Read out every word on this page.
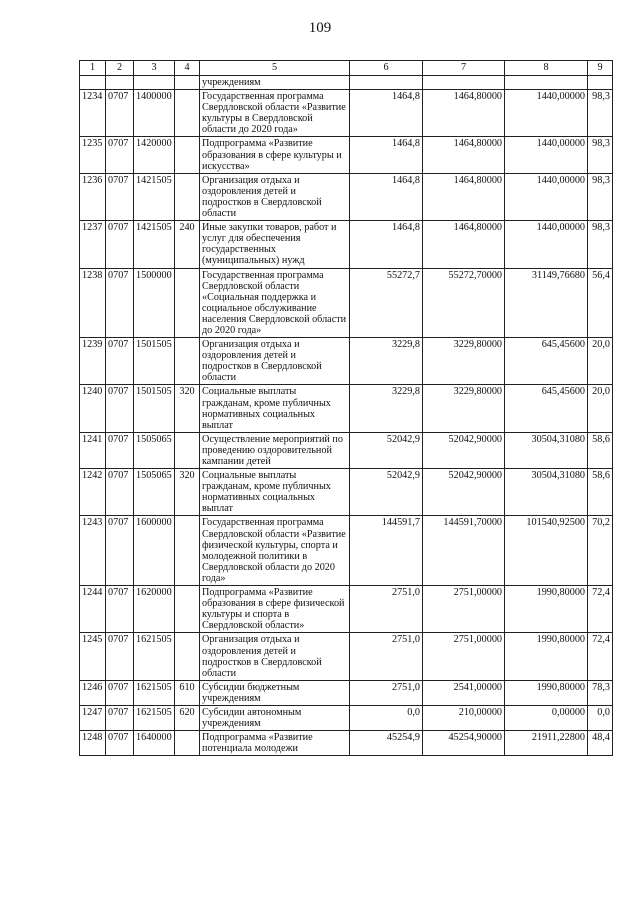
109
1	2	3	4	5	6	7	8	9
				учреждениям				
1234	0707	1400000		Государственная программа Свердловской области «Развитие культуры в Свердловской области до 2020 года»	1464,8	1464,80000	1440,00000	98,3
1235	0707	1420000		Подпрограмма «Развитие образования в сфере культуры и искусства»	1464,8	1464,80000	1440,00000	98,3
1236	0707	1421505		Организация отдыха и оздоровления детей и подростков в Свердловской области	1464,8	1464,80000	1440,00000	98,3
1237	0707	1421505	240	Иные закупки товаров, работ и услуг для обеспечения государственных (муниципальных) нужд	1464,8	1464,80000	1440,00000	98,3
1238	0707	1500000		Государственная программа Свердловской области «Социальная поддержка и социальное обслуживание населения Свердловской области до 2020 года»	55272,7	55272,70000	31149,76680	56,4
1239	0707	1501505		Организация отдыха и оздоровления детей и подростков в Свердловской области	3229,8	3229,80000	645,45600	20,0
1240	0707	1501505	320	Социальные выплаты гражданам, кроме публичных нормативных социальных выплат	3229,8	3229,80000	645,45600	20,0
1241	0707	1505065		Осуществление мероприятий по проведению оздоровительной кампании детей	52042,9	52042,90000	30504,31080	58,6
1242	0707	1505065	320	Социальные выплаты гражданам, кроме публичных нормативных социальных выплат	52042,9	52042,90000	30504,31080	58,6
1243	0707	1600000		Государственная программа Свердловской области «Развитие физической культуры, спорта и молодежной политики в Свердловской области до 2020 года»	144591,7	144591,70000	101540,92500	70,2
1244	0707	1620000		Подпрограмма «Развитие образования в сфере физической культуры и спорта в Свердловской области»	2751,0	2751,00000	1990,80000	72,4
1245	0707	1621505		Организация отдыха и оздоровления детей и подростков в Свердловской области	2751,0	2751,00000	1990,80000	72,4
1246	0707	1621505	610	Субсидии бюджетным учреждениям	2751,0	2541,00000	1990,80000	78,3
1247	0707	1621505	620	Субсидии автономным учреждениям	0,0	210,00000	0,00000	0,0
1248	0707	1640000		Подпрограмма «Развитие потенциала молодежи	45254,9	45254,90000	21911,22800	48,4
